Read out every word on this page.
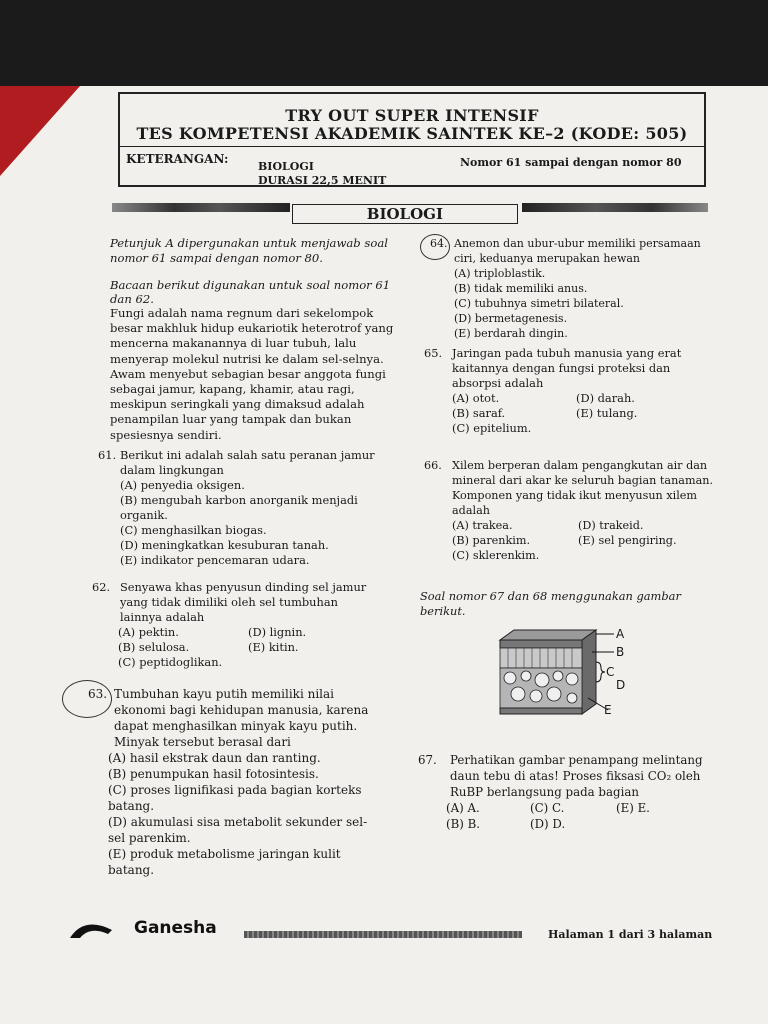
TRY OUT SUPER INTENSIF
TES KOMPETENSI AKADEMIK SAINTEK KE–2 (KODE: 505)
KETERANGAN:
BIOLOGI
DURASI 22,5 MENIT
Nomor 61 sampai dengan nomor 80
BIOLOGI
Petunjuk A dipergunakan untuk menjawab soal
nomor 61 sampai dengan nomor 80.
Bacaan berikut digunakan untuk soal nomor 61
dan 62.
Fungi adalah nama regnum dari sekelompok
besar makhluk hidup eukariotik heterotrof yang
mencerna makanannya di luar tubuh, lalu
menyerap molekul nutrisi ke dalam sel-selnya.
Awam menyebut sebagian besar anggota fungi
sebagai jamur, kapang, khamir, atau ragi,
meskipun seringkali yang dimaksud adalah
penampilan luar yang tampak dan bukan
spesiesnya sendiri.
61. Berikut ini adalah salah satu peranan jamur
dalam lingkungan
(A) penyedia oksigen.
(B) mengubah karbon anorganik menjadi
organik.
(C) menghasilkan biogas.
(D) meningkatkan kesuburan tanah.
(E) indikator pencemaran udara.
62. Senyawa khas penyusun dinding sel jamur
yang tidak dimiliki oleh sel tumbuhan
lainnya adalah
(A) pektin.	(D) lignin.
(B) selulosa.	(E) kitin.
(C) peptidoglikan.
63. Tumbuhan kayu putih memiliki nilai
ekonomi bagi kehidupan manusia, karena
dapat menghasilkan minyak kayu putih.
Minyak tersebut berasal dari
(A) hasil ekstrak daun dan ranting.
(B) penumpukan hasil fotosintesis.
(C) proses lignifikasi pada bagian korteks
batang.
(D) akumulasi sisa metabolit sekunder sel-
sel parenkim.
(E) produk metabolisme jaringan kulit
batang.
64. Anemon dan ubur-ubur memiliki persamaan
ciri, keduanya merupakan hewan
(A) triploblastik.
(B) tidak memiliki anus.
(C) tubuhnya simetri bilateral.
(D) bermetagenesis.
(E) berdarah dingin.
65. Jaringan pada tubuh manusia yang erat
kaitannya dengan fungsi proteksi dan
absorpsi adalah
(A) otot.	(D) darah.
(B) saraf.	(E) tulang.
(C) epitelium.
66. Xilem berperan dalam pengangkutan air dan
mineral dari akar ke seluruh bagian tanaman.
Komponen yang tidak ikut menyusun xilem
adalah
(A) trakea.	(D) trakeid.
(B) parenkim.	(E) sel pengiring.
(C) sklerenkim.
Soal nomor 67 dan 68 menggunakan gambar
berikut.
A
B
C
D
E
67. Perhatikan gambar penampang melintang
daun tebu di atas! Proses fiksasi CO₂ oleh
RuBP berlangsung pada bagian
(A) A.	(C) C.	(E) E.
(B) B.	(D) D.
Ganesha	Halaman 1 dari 3 halaman
